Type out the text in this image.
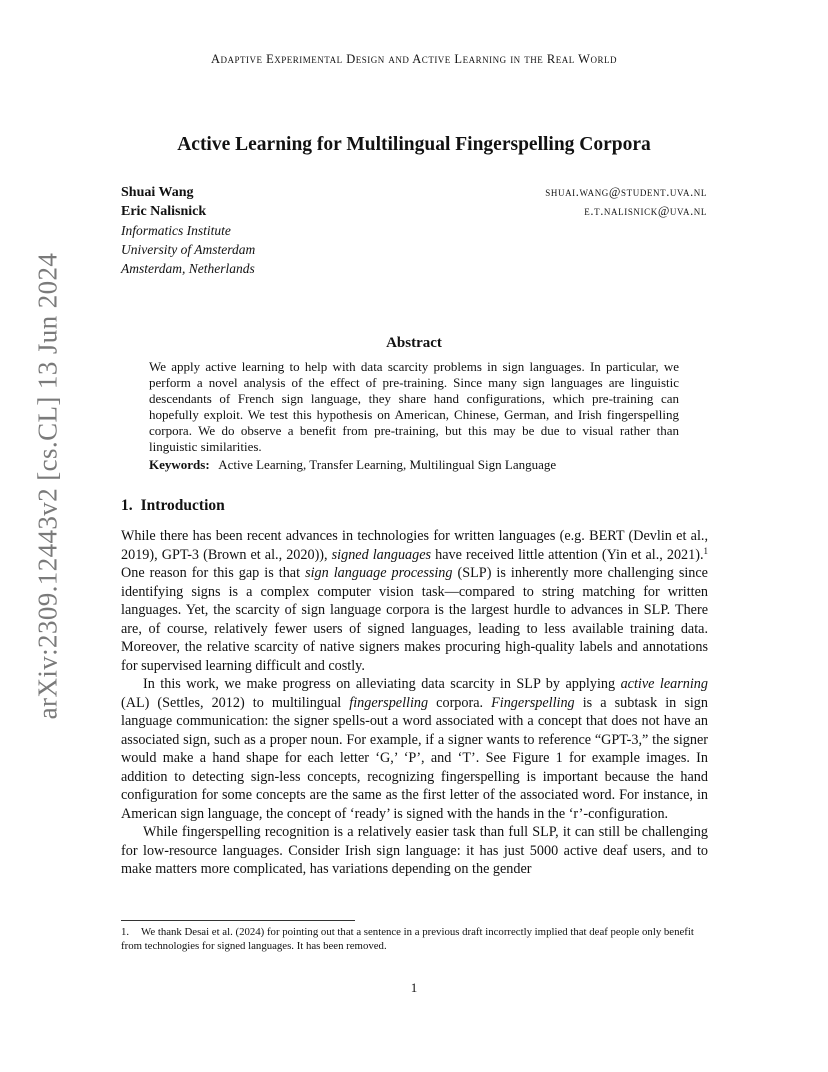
Adaptive Experimental Design and Active Learning in the Real World
arXiv:2309.12443v2 [cs.CL] 13 Jun 2024
Active Learning for Multilingual Fingerspelling Corpora
Shuai Wang	shuai.wang@student.uva.nl
Eric Nalisnick	e.t.nalisnick@uva.nl
Informatics Institute
University of Amsterdam
Amsterdam, Netherlands
Abstract
We apply active learning to help with data scarcity problems in sign languages. In particular, we perform a novel analysis of the effect of pre-training. Since many sign languages are linguistic descendants of French sign language, they share hand configurations, which pre-training can hopefully exploit. We test this hypothesis on American, Chinese, German, and Irish fingerspelling corpora. We do observe a benefit from pre-training, but this may be due to visual rather than linguistic similarities.
Keywords: Active Learning, Transfer Learning, Multilingual Sign Language
1. Introduction

While there has been recent advances in technologies for written languages (e.g. BERT (Devlin et al., 2019), GPT-3 (Brown et al., 2020)), signed languages have received little attention (Yin et al., 2021).$^1$ One reason for this gap is that sign language processing (SLP) is inherently more challenging since identifying signs is a complex computer vision task—compared to string matching for written languages. Yet, the scarcity of sign language corpora is the largest hurdle to advances in SLP. There are, of course, relatively fewer users of signed languages, leading to less available training data. Moreover, the relative scarcity of native signers makes procuring high-quality labels and annotations for supervised learning difficult and costly.

In this work, we make progress on alleviating data scarcity in SLP by applying active learning (AL) (Settles, 2012) to multilingual fingerspelling corpora. Fingerspelling is a subtask in sign language communication: the signer spells-out a word associated with a concept that does not have an associated sign, such as a proper noun. For example, if a signer wants to reference “GPT-3,” the signer would make a hand shape for each letter ‘G,’ ‘P’, and ‘T’. See Figure 1 for example images. In addition to detecting sign-less concepts, recognizing fingerspelling is important because the hand configuration for some concepts are the same as the first letter of the associated word. For instance, in American sign language, the concept of ‘ready’ is signed with the hands in the ‘r’-configuration.

While fingerspelling recognition is a relatively easier task than full SLP, it can still be challenging for low-resource languages. Consider Irish sign language: it has just 5000 active deaf users, and to make matters more complicated, has variations depending on the gender

1. We thank Desai et al. (2024) for pointing out that a sentence in a previous draft incorrectly implied that deaf people only benefit from technologies for signed languages. It has been removed.
1
